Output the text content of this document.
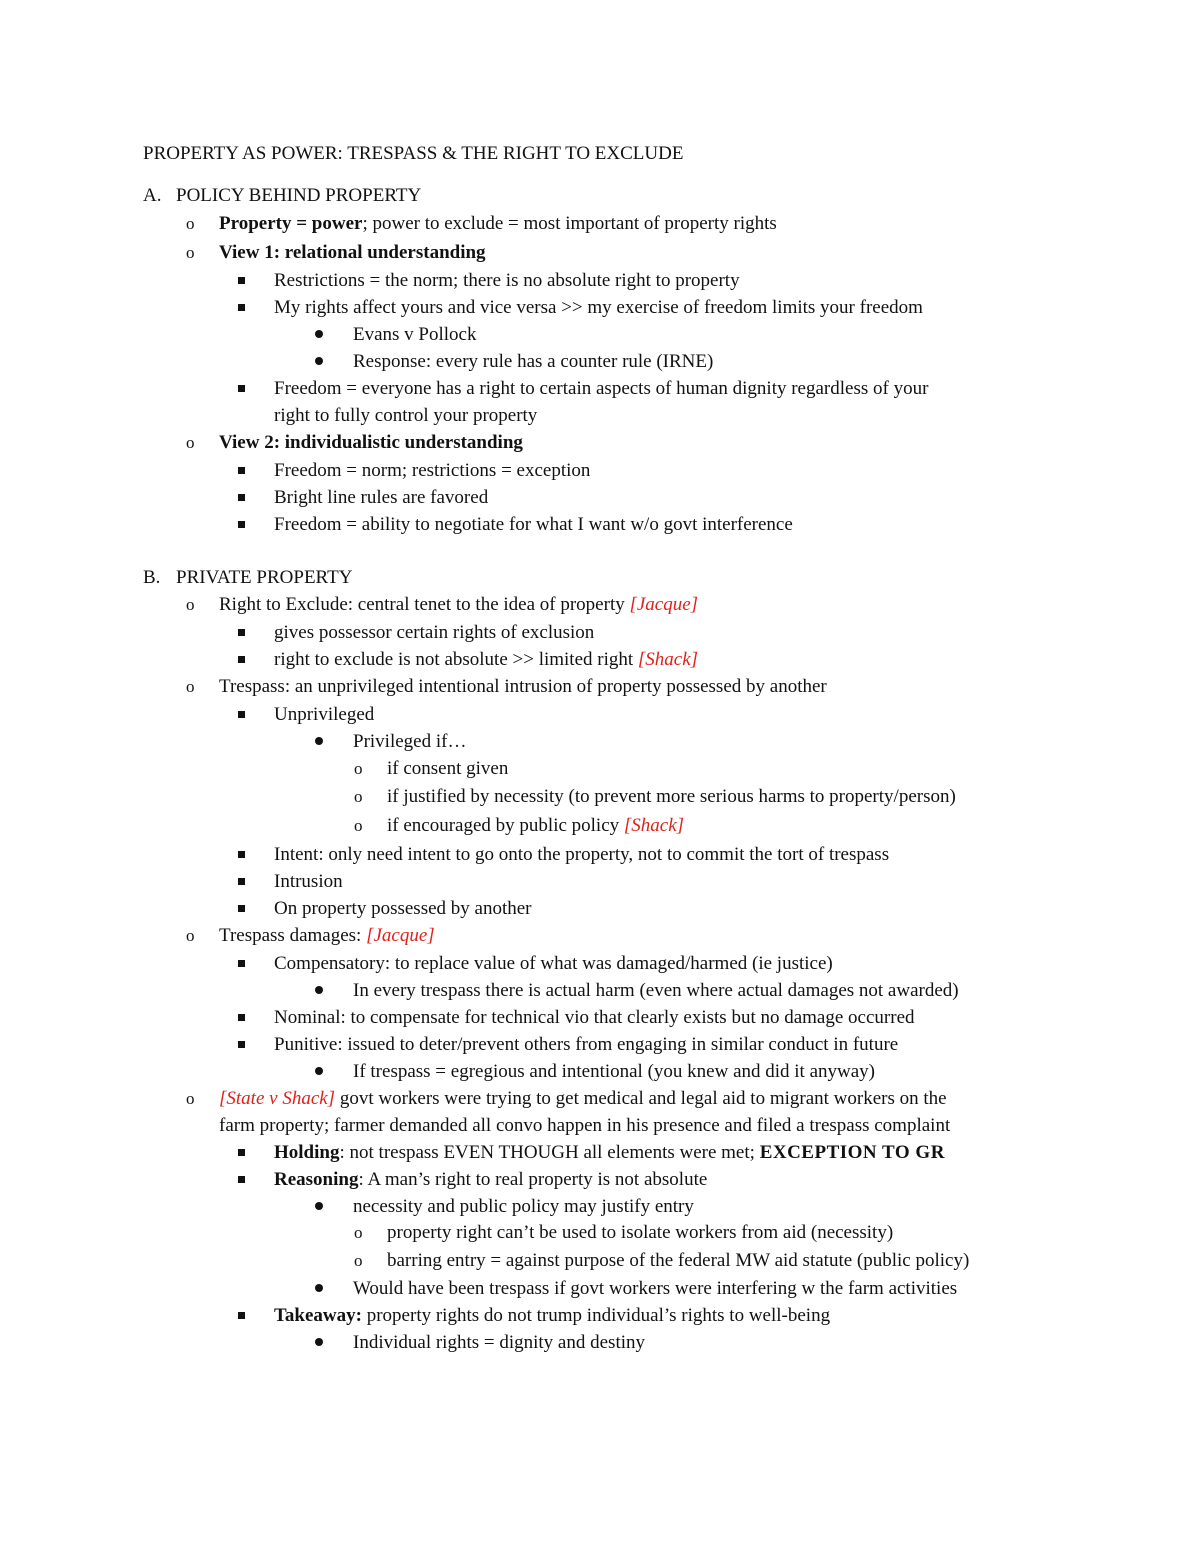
PROPERTY AS POWER: TRESPASS & THE RIGHT TO EXCLUDE
A. POLICY BEHIND PROPERTY
o Property = power; power to exclude = most important of property rights
o View 1: relational understanding
Restrictions = the norm; there is no absolute right to property
My rights affect yours and vice versa >> my exercise of freedom limits your freedom
Evans v Pollock
Response: every rule has a counter rule (IRNE)
Freedom = everyone has a right to certain aspects of human dignity regardless of your
right to fully control your property
o View 2: individualistic understanding
Freedom = norm; restrictions = exception
Bright line rules are favored
Freedom = ability to negotiate for what I want w/o govt interference
B. PRIVATE PROPERTY
o Right to Exclude: central tenet to the idea of property [Jacque]
gives possessor certain rights of exclusion
right to exclude is not absolute >> limited right [Shack]
o Trespass: an unprivileged intentional intrusion of property possessed by another
Unprivileged
Privileged if…
o if consent given
o if justified by necessity (to prevent more serious harms to property/person)
o if encouraged by public policy [Shack]
Intent: only need intent to go onto the property, not to commit the tort of trespass
Intrusion
On property possessed by another
o Trespass damages: [Jacque]
Compensatory: to replace value of what was damaged/harmed (ie justice)
In every trespass there is actual harm (even where actual damages not awarded)
Nominal: to compensate for technical vio that clearly exists but no damage occurred
Punitive: issued to deter/prevent others from engaging in similar conduct in future
If trespass = egregious and intentional (you knew and did it anyway)
o [State v Shack] govt workers were trying to get medical and legal aid to migrant workers on the
farm property; farmer demanded all convo happen in his presence and filed a trespass complaint
Holding: not trespass EVEN THOUGH all elements were met; EXCEPTION TO GR
Reasoning: A man’s right to real property is not absolute
necessity and public policy may justify entry
o property right can’t be used to isolate workers from aid (necessity)
o barring entry = against purpose of the federal MW aid statute (public policy)
Would have been trespass if govt workers were interfering w the farm activities
Takeaway: property rights do not trump individual’s rights to well-being
Individual rights = dignity and destiny
